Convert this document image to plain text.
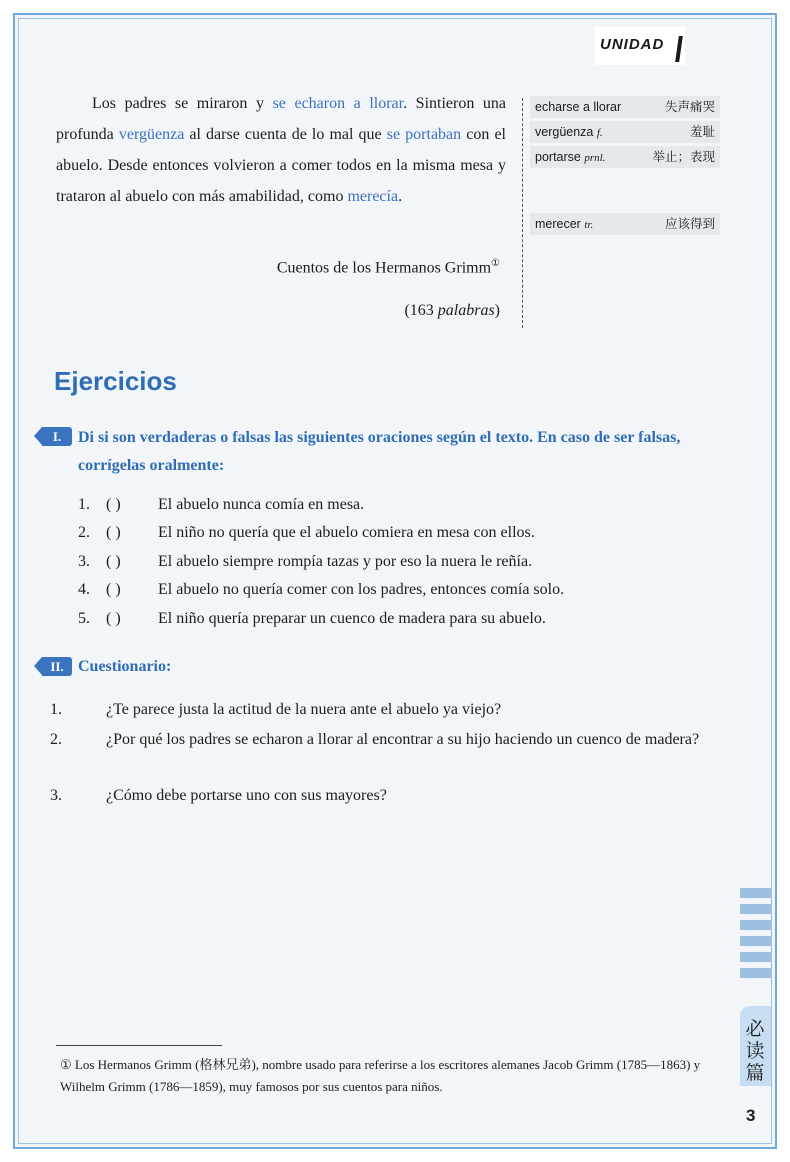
UNIDAD
Los padres se miraron y se echaron a llorar. Sintieron una profunda vergüenza al darse cuenta de lo mal que se portaban con el abuelo. Desde entonces volvieron a comer todos en la misma mesa y trataron al abuelo con más amabilidad, como merecía.
Cuentos de los Hermanos Grimm①
(163 palabras)
echarse a llorar	失声痛哭
vergüenza f.	羞耻
portarse prnl.	举止；表现
merecer tr.	应该得到
Ejercicios
I.	Di si son verdaderas o falsas las siguientes oraciones según el texto. En caso de ser falsas, corrígelas oralmente:
1. ( ) El abuelo nunca comía en mesa.
2. ( ) El niño no quería que el abuelo comiera en mesa con ellos.
3. ( ) El abuelo siempre rompía tazas y por eso la nuera le reñía.
4. ( ) El abuelo no quería comer con los padres, entonces comía solo.
5. ( ) El niño quería preparar un cuenco de madera para su abuelo.
II. Cuestionario:
1.	¿Te parece justa la actitud de la nuera ante el abuelo ya viejo?
2.	¿Por qué los padres se echaron a llorar al encontrar a su hijo haciendo un cuenco de madera?
3.	¿Cómo debe portarse uno con sus mayores?
① Los Hermanos Grimm (格林兄弟), nombre usado para referirse a los escritores alemanes Jacob Grimm (1785—1863) y Wilhelm Grimm (1786—1859), muy famosos por sus cuentos para niños.
必读篇
3
